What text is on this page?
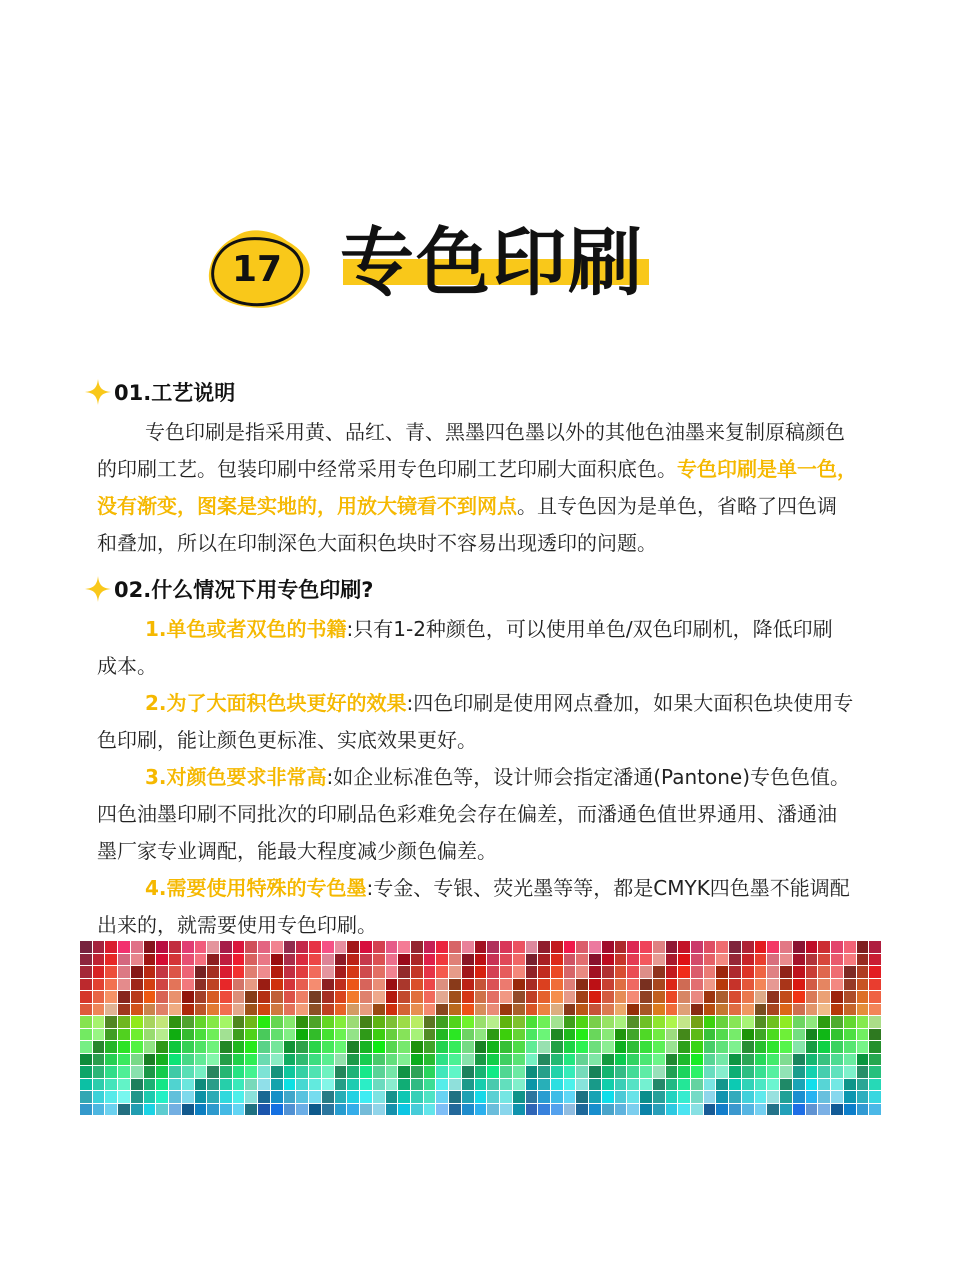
17 专色印刷
01.工艺说明
专色印刷是指采用黄、品红、青、黑墨四色墨以外的其他色油墨来复制原稿颜色
的印刷工艺。包装印刷中经常采用专色印刷工艺印刷大面积底色。专色印刷是单一色，
没有渐变，图案是实地的，用放大镜看不到网点。且专色因为是单色，省略了四色调
和叠加，所以在印制深色大面积色块时不容易出现透印的问题。
02.什么情况下用专色印刷?
1.单色或者双色的书籍:只有1-2种颜色，可以使用单色/双色印刷机，降低印刷
成本。
2.为了大面积色块更好的效果:四色印刷是使用网点叠加，如果大面积色块使用专
色印刷，能让颜色更标准、实底效果更好。
3.对颜色要求非常高:如企业标准色等，设计师会指定潘通(Pantone)专色色值。
四色油墨印刷不同批次的印刷品色彩难免会存在偏差，而潘通色值世界通用、潘通油
墨厂家专业调配，能最大程度减少颜色偏差。
4.需要使用特殊的专色墨:专金、专银、荧光墨等等，都是CMYK四色墨不能调配
出来的，就需要使用专色印刷。
